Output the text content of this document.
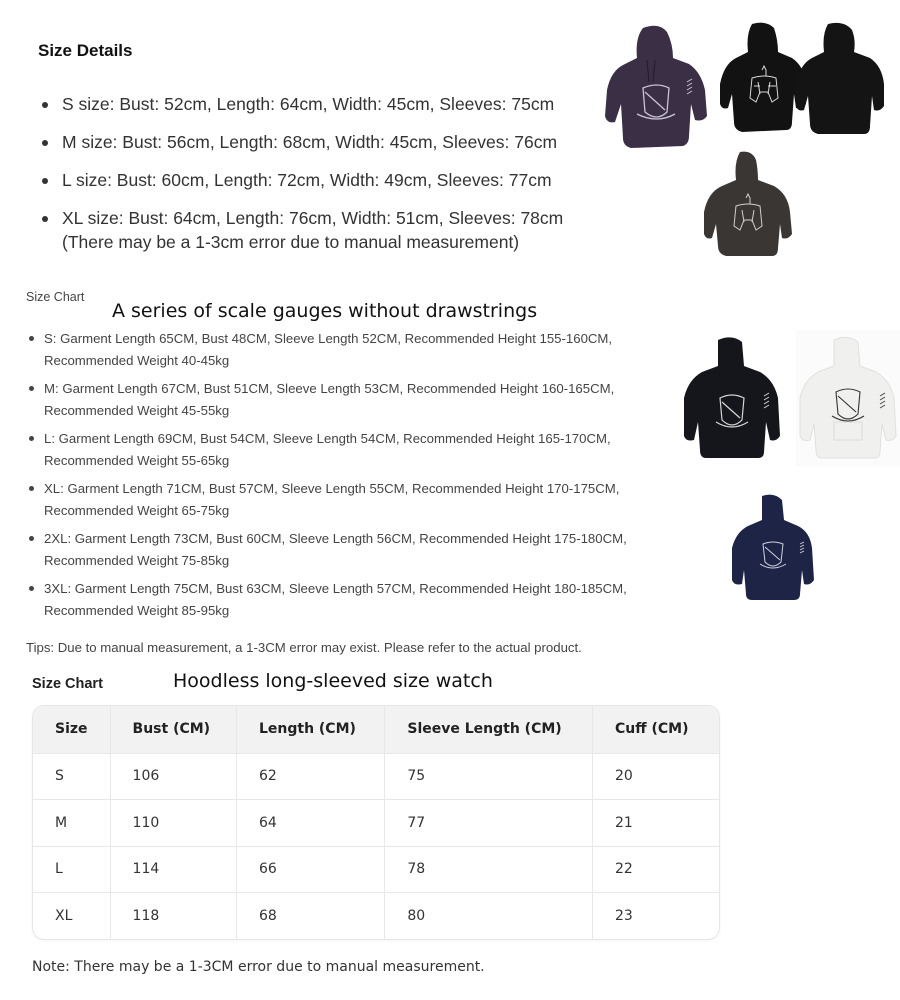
Size Details
S size: Bust: 52cm, Length: 64cm, Width: 45cm, Sleeves: 75cm
M size: Bust: 56cm, Length: 68cm, Width: 45cm, Sleeves: 76cm
L size: Bust: 60cm, Length: 72cm, Width: 49cm, Sleeves: 77cm
XL size: Bust: 64cm, Length: 76cm, Width: 51cm, Sleeves: 78cm
(There may be a 1-3cm error due to manual measurement)
Size Chart
A series of scale gauges without drawstrings
S: Garment Length 65CM, Bust 48CM, Sleeve Length 52CM, Recommended Height 155-160CM,
Recommended Weight 40-45kg
M: Garment Length 67CM, Bust 51CM, Sleeve Length 53CM, Recommended Height 160-165CM,
Recommended Weight 45-55kg
L: Garment Length 69CM, Bust 54CM, Sleeve Length 54CM, Recommended Height 165-170CM,
Recommended Weight 55-65kg
XL: Garment Length 71CM, Bust 57CM, Sleeve Length 55CM, Recommended Height 170-175CM,
Recommended Weight 65-75kg
2XL: Garment Length 73CM, Bust 60CM, Sleeve Length 56CM, Recommended Height 175-180CM,
Recommended Weight 75-85kg
3XL: Garment Length 75CM, Bust 63CM, Sleeve Length 57CM, Recommended Height 180-185CM,
Recommended Weight 85-95kg
Tips: Due to manual measurement, a 1-3CM error may exist. Please refer to the actual product.
Size Chart	Hoodless long-sleeved size watch
Size	Bust (CM)	Length (CM)	Sleeve Length (CM)	Cuff (CM)
S	106	62	75	20
M	110	64	77	21
L	114	66	78	22
XL	118	68	80	23
Note: There may be a 1-3CM error due to manual measurement.
